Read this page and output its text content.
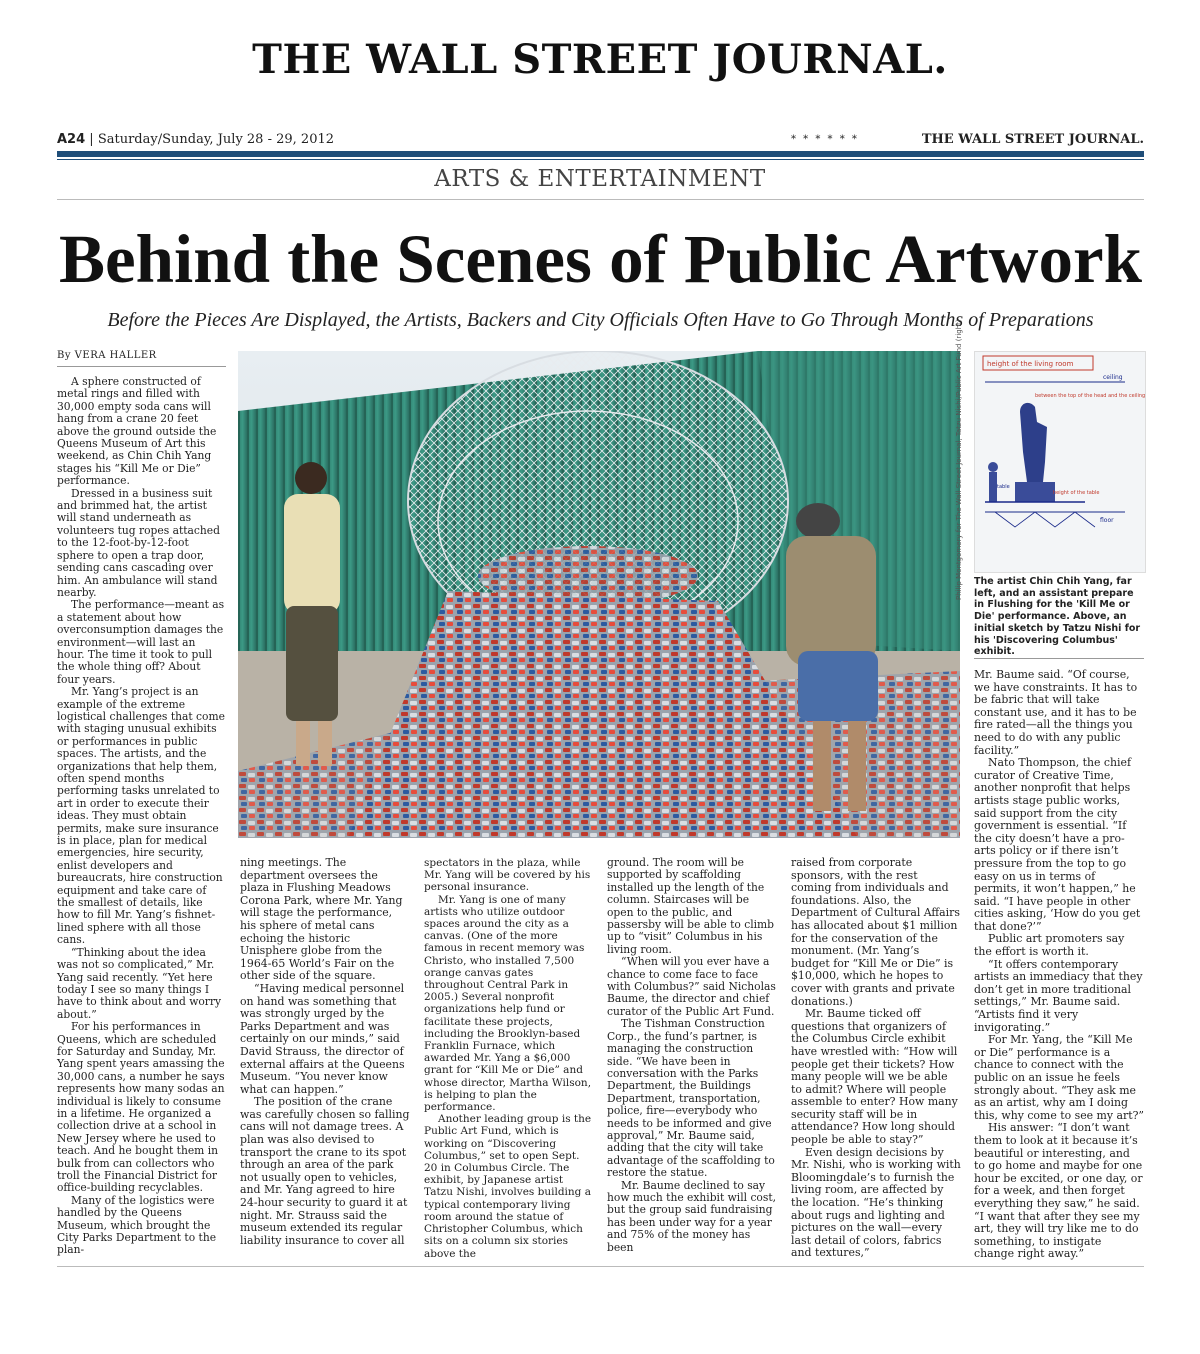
THE WALL STREET JOURNAL.
A24 | Saturday/Sunday, July 28 - 29, 2012	* * * * * *	THE WALL STREET JOURNAL.
ARTS & ENTERTAINMENT
Behind the Scenes of Public Artwork
Before the Pieces Are Displayed, the Artists, Backers and City Officials Often Have to Go Through Months of Preparations
By VERA HALLER

A sphere constructed of metal rings and filled with 30,000 empty soda cans will hang from a crane 20 feet above the ground outside the Queens Museum of Art this weekend, as Chin Chih Yang stages his “Kill Me or Die” performance.

Dressed in a business suit and brimmed hat, the artist will stand underneath as volunteers tug ropes attached to the 12-foot-by-12-foot sphere to open a trap door, sending cans cascading over him. An ambulance will stand nearby.

The performance—meant as a statement about how overconsumption damages the environment—will last an hour. The time it took to pull the whole thing off? About four years.

Mr. Yang’s project is an example of the extreme logistical challenges that come with staging unusual exhibits or performances in public spaces. The artists, and the organizations that help them, often spend months performing tasks unrelated to art in order to execute their ideas. They must obtain permits, make sure insurance is in place, plan for medical emergencies, hire security, enlist developers and bureaucrats, hire construction equipment and take care of the smallest of details, like how to fill Mr. Yang’s fishnet-lined sphere with all those cans.

“Thinking about the idea was not so complicated,” Mr. Yang said recently. “Yet here today I see so many things I have to think about and worry about.”

For his performances in Queens, which are scheduled for Saturday and Sunday, Mr. Yang spent years amassing the 30,000 cans, a number he says represents how many sodas an individual is likely to consume in a lifetime. He organized a collection drive at a school in New Jersey where he used to teach. And he bought them in bulk from can collectors who troll the Financial District for office-building recyclables.

Many of the logistics were handled by the Queens Museum, which brought the City Parks Department to the plan-

Philip Montgomery for The Wall Street Journal, Tatzu Nishi/Public Art Fund (right)	height of the living room
ceiling
between the top of the head and the ceiling
table
height of the table
floor
The artist Chin Chih Yang, far left, and an assistant prepare in Flushing for the 'Kill Me or Die' performance. Above, an initial sketch by Tatzu Nishi for his 'Discovering Columbus' exhibit.

ning meetings. The department oversees the plaza in Flushing Meadows Corona Park, where Mr. Yang will stage the performance, his sphere of metal cans echoing the historic Unisphere globe from the 1964-65 World’s Fair on the other side of the square.

“Having medical personnel on hand was something that was strongly urged by the Parks Department and was certainly on our minds,” said David Strauss, the director of external affairs at the Queens Museum. “You never know what can happen.”

The position of the crane was carefully chosen so falling cans will not damage trees. A plan was also devised to transport the crane to its spot through an area of the park not usually open to vehicles, and Mr. Yang agreed to hire 24-hour security to guard it at night. Mr. Strauss said the museum extended its regular liability insurance to cover all

spectators in the plaza, while Mr. Yang will be covered by his personal insurance.

Mr. Yang is one of many artists who utilize outdoor spaces around the city as a canvas. (One of the more famous in recent memory was Christo, who installed 7,500 orange canvas gates throughout Central Park in 2005.) Several nonprofit organizations help fund or facilitate these projects, including the Brooklyn-based Franklin Furnace, which awarded Mr. Yang a $6,000 grant for “Kill Me or Die” and whose director, Martha Wilson, is helping to plan the performance.

Another leading group is the Public Art Fund, which is working on “Discovering Columbus,” set to open Sept. 20 in Columbus Circle. The exhibit, by Japanese artist Tatzu Nishi, involves building a typical contemporary living room around the statue of Christopher Columbus, which sits on a column six stories above the

ground. The room will be supported by scaffolding installed up the length of the column. Staircases will be open to the public, and passersby will be able to climb up to “visit” Columbus in his living room.

“When will you ever have a chance to come face to face with Columbus?” said Nicholas Baume, the director and chief curator of the Public Art Fund.

The Tishman Construction Corp., the fund’s partner, is managing the construction side. “We have been in conversation with the Parks Department, the Buildings Department, transportation, police, fire—everybody who needs to be informed and give approval,” Mr. Baume said, adding that the city will take advantage of the scaffolding to restore the statue.

Mr. Baume declined to say how much the exhibit will cost, but the group said fundraising has been under way for a year and 75% of the money has been

raised from corporate sponsors, with the rest coming from individuals and foundations. Also, the Department of Cultural Affairs has allocated about $1 million for the conservation of the monument. (Mr. Yang’s budget for “Kill Me or Die” is $10,000, which he hopes to cover with grants and private donations.)

Mr. Baume ticked off questions that organizers of the Columbus Circle exhibit have wrestled with: “How will people get their tickets? How many people will we be able to admit? Where will people assemble to enter? How many security staff will be in attendance? How long should people be able to stay?”

Even design decisions by Mr. Nishi, who is working with Bloomingdale’s to furnish the living room, are affected by the location. “He’s thinking about rugs and lighting and pictures on the wall—every last detail of colors, fabrics and textures,”

Mr. Baume said. “Of course, we have constraints. It has to be fabric that will take constant use, and it has to be fire rated—all the things you need to do with any public facility.”

Nato Thompson, the chief curator of Creative Time, another nonprofit that helps artists stage public works, said support from the city government is essential. “If the city doesn’t have a pro-arts policy or if there isn’t pressure from the top to go easy on us in terms of permits, it won’t happen,” he said. “I have people in other cities asking, ‘How do you get that done?’”

Public art promoters say the effort is worth it.

“It offers contemporary artists an immediacy that they don’t get in more traditional settings,” Mr. Baume said. “Artists find it very invigorating.”

For Mr. Yang, the “Kill Me or Die” performance is a chance to connect with the public on an issue he feels strongly about. “They ask me as an artist, why am I doing this, why come to see my art?”

His answer: “I don’t want them to look at it because it’s beautiful or interesting, and to go home and maybe for one hour be excited, or one day, or for a week, and then forget everything they saw,” he said. “I want that after they see my art, they will try like me to do something, to instigate change right away.”
